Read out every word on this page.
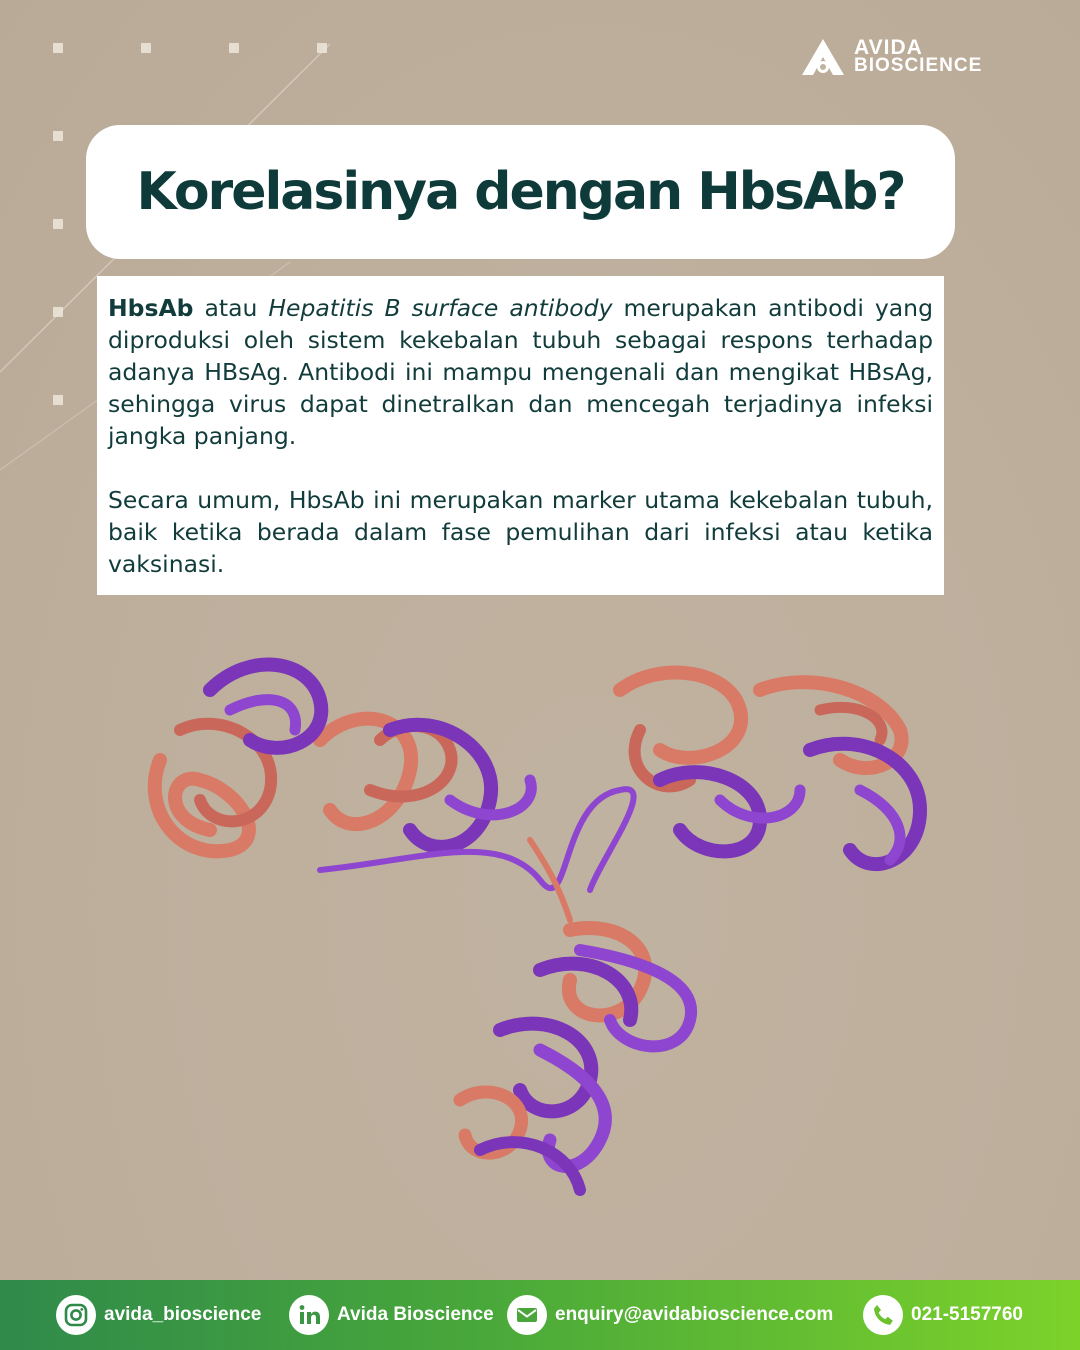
AVIDA
BIOSCIENCE
Korelasinya dengan HbsAb?

HbsAb atau Hepatitis B surface antibody merupakan antibodi yang diproduksi oleh sistem kekebalan tubuh sebagai respons terhadap adanya HBsAg. Antibodi ini mampu mengenali dan mengikat HBsAg, sehingga virus dapat dinetralkan dan mencegah terjadinya infeksi jangka panjang.

Secara umum, HbsAb ini merupakan marker utama kekebalan tubuh, baik ketika berada dalam fase pemulihan dari infeksi atau ketika vaksinasi.

avida_bioscience	Avida Bioscience	enquiry@avidabioscience.com	021-5157760
